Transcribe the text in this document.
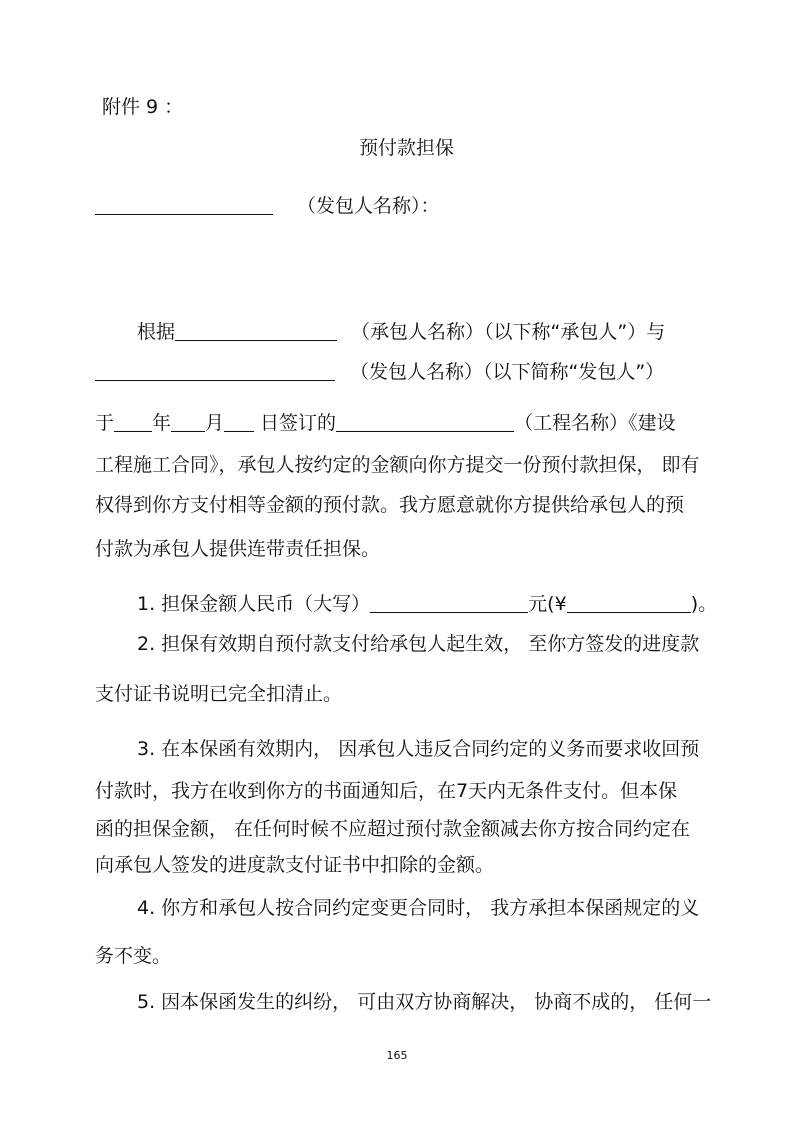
附件 9 ：
预付款担保
（发包人名称）：
根据	（承包人名称）（以下称“承包人”）与
（发包人名称）（以下简称“发包人”）
于 年 月 日签订的	（工程名称）《建设
工程施工合同》，承包人按约定的金额向你方提交一份预付款担保， 即有
权得到你方支付相等金额的预付款。我方愿意就你方提供给承包人的预
付款为承包人提供连带责任担保。
1. 担保金额人民币（大写）	元(¥	)。
2. 担保有效期自预付款支付给承包人起生效， 至你方签发的进度款
支付证书说明已完全扣清止。
3. 在本保函有效期内， 因承包人违反合同约定的义务而要求收回预
付款时，我方在收到你方的书面通知后，在7天内无条件支付。但本保
函的担保金额， 在任何时候不应超过预付款金额减去你方按合同约定在
向承包人签发的进度款支付证书中扣除的金额。
4. 你方和承包人按合同约定变更合同时， 我方承担本保函规定的义
务不变。
5. 因本保函发生的纠纷， 可由双方协商解决， 协商不成的， 任何一
165
